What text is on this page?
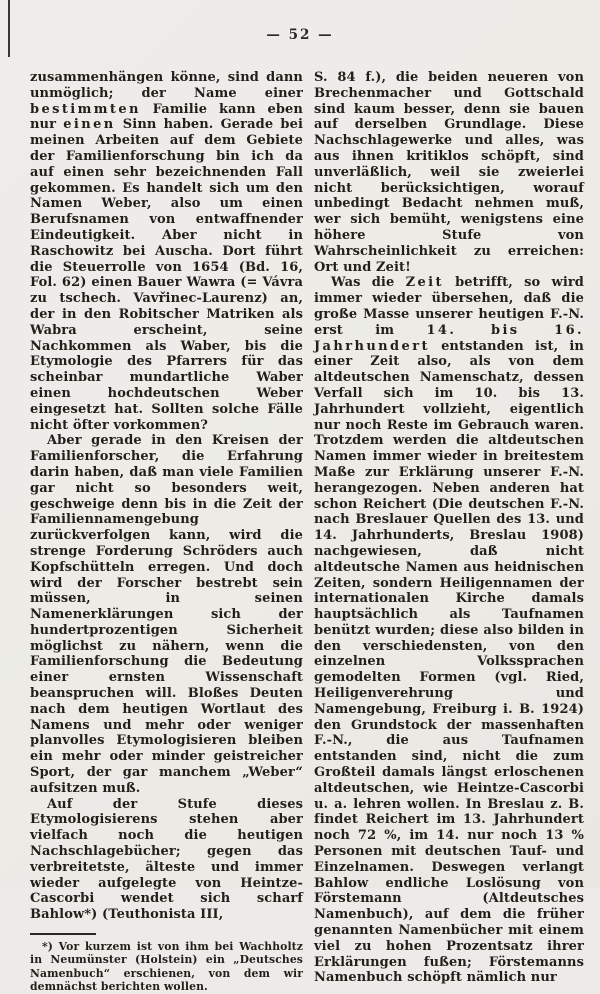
— 52 —

zusammenhängen könne, sind dann unmöglich; der Name einer bestimmten Familie kann eben nur einen Sinn haben. Gerade bei meinen Arbeiten auf dem Gebiete der Familienforschung bin ich da auf einen sehr bezeichnenden Fall gekommen. Es handelt sich um den Namen Weber, also um einen Berufsnamen von entwaffnender Eindeutigkeit. Aber nicht in Raschowitz bei Auscha. Dort führt die Steuerrolle von 1654 (Bd. 16, Fol. 62) einen Bauer Wawra (= Vávra zu tschech. Vavřinec-Laurenz) an, der in den Robitscher Matriken als Wabra erscheint, seine Nachkommen als Waber, bis die Etymologie des Pfarrers für das scheinbar mundartliche Waber einen hochdeutschen Weber eingesetzt hat. Sollten solche Fälle nicht öfter vorkommen?

Aber gerade in den Kreisen der Familienforscher, die Erfahrung darin haben, daß man viele Familien gar nicht so besonders weit, geschweige denn bis in die Zeit der Familiennamengebung zurückverfolgen kann, wird die strenge Forderung Schröders auch Kopfschütteln erregen. Und doch wird der Forscher bestrebt sein müssen, in seinen Namenerklärungen sich der hundertprozentigen Sicherheit möglichst zu nähern, wenn die Familienforschung die Bedeutung einer ernsten Wissenschaft beanspruchen will. Bloßes Deuten nach dem heutigen Wortlaut des Namens und mehr oder weniger planvolles Etymologisieren bleiben ein mehr oder minder geistreicher Sport, der gar manchem „Weber“ aufsitzen muß.

Auf der Stufe dieses Etymologisierens stehen aber vielfach noch die heutigen Nachschlagebücher; gegen das verbreitetste, älteste und immer wieder aufgelegte von Heintze-Cascorbi wendet sich scharf Bahlow*) (Teuthonista III,

*) Vor kurzem ist von ihm bei Wachholtz in Neumünster (Holstein) ein „Deutsches Namenbuch“ erschienen, von dem wir demnächst berichten wollen.

S. 84 f.), die beiden neueren von Brechenmacher und Gottschald sind kaum besser, denn sie bauen auf derselben Grundlage. Diese Nachschlagewerke und alles, was aus ihnen kritiklos schöpft, sind unverläßlich, weil sie zweierlei nicht berücksichtigen, worauf unbedingt Bedacht nehmen muß, wer sich bemüht, wenigstens eine höhere Stufe von Wahrscheinlichkeit zu erreichen: Ort und Zeit!

Was die Zeit betrifft, so wird immer wieder übersehen, daß die große Masse unserer heutigen F.-N. erst im 14. bis 16. Jahrhundert entstanden ist, in einer Zeit also, als von dem altdeutschen Namenschatz, dessen Verfall sich im 10. bis 13. Jahrhundert vollzieht, eigentlich nur noch Reste im Gebrauch waren. Trotzdem werden die altdeutschen Namen immer wieder in breitestem Maße zur Erklärung unserer F.-N. herangezogen. Neben anderen hat schon Reichert (Die deutschen F.-N. nach Breslauer Quellen des 13. und 14. Jahrhunderts, Breslau 1908) nachgewiesen, daß nicht altdeutsche Namen aus heidnischen Zeiten, sondern Heiligennamen der internationalen Kirche damals hauptsächlich als Taufnamen benützt wurden; diese also bilden in den verschiedensten, von den einzelnen Volkssprachen gemodelten Formen (vgl. Ried, Heiligenverehrung und Namengebung, Freiburg i. B. 1924) den Grundstock der massenhaften F.-N., die aus Taufnamen entstanden sind, nicht die zum Großteil damals längst erloschenen altdeutschen, wie Heintze-Cascorbi u. a. lehren wollen. In Breslau z. B. findet Reichert im 13. Jahrhundert noch 72 %, im 14. nur noch 13 % Personen mit deutschen Tauf- und Einzelnamen. Deswegen verlangt Bahlow endliche Loslösung von Förstemann (Altdeutsches Namenbuch), auf dem die früher genannten Namenbücher mit einem viel zu hohen Prozentsatz ihrer Erklärungen fußen; Förstemanns Namenbuch schöpft nämlich nur
